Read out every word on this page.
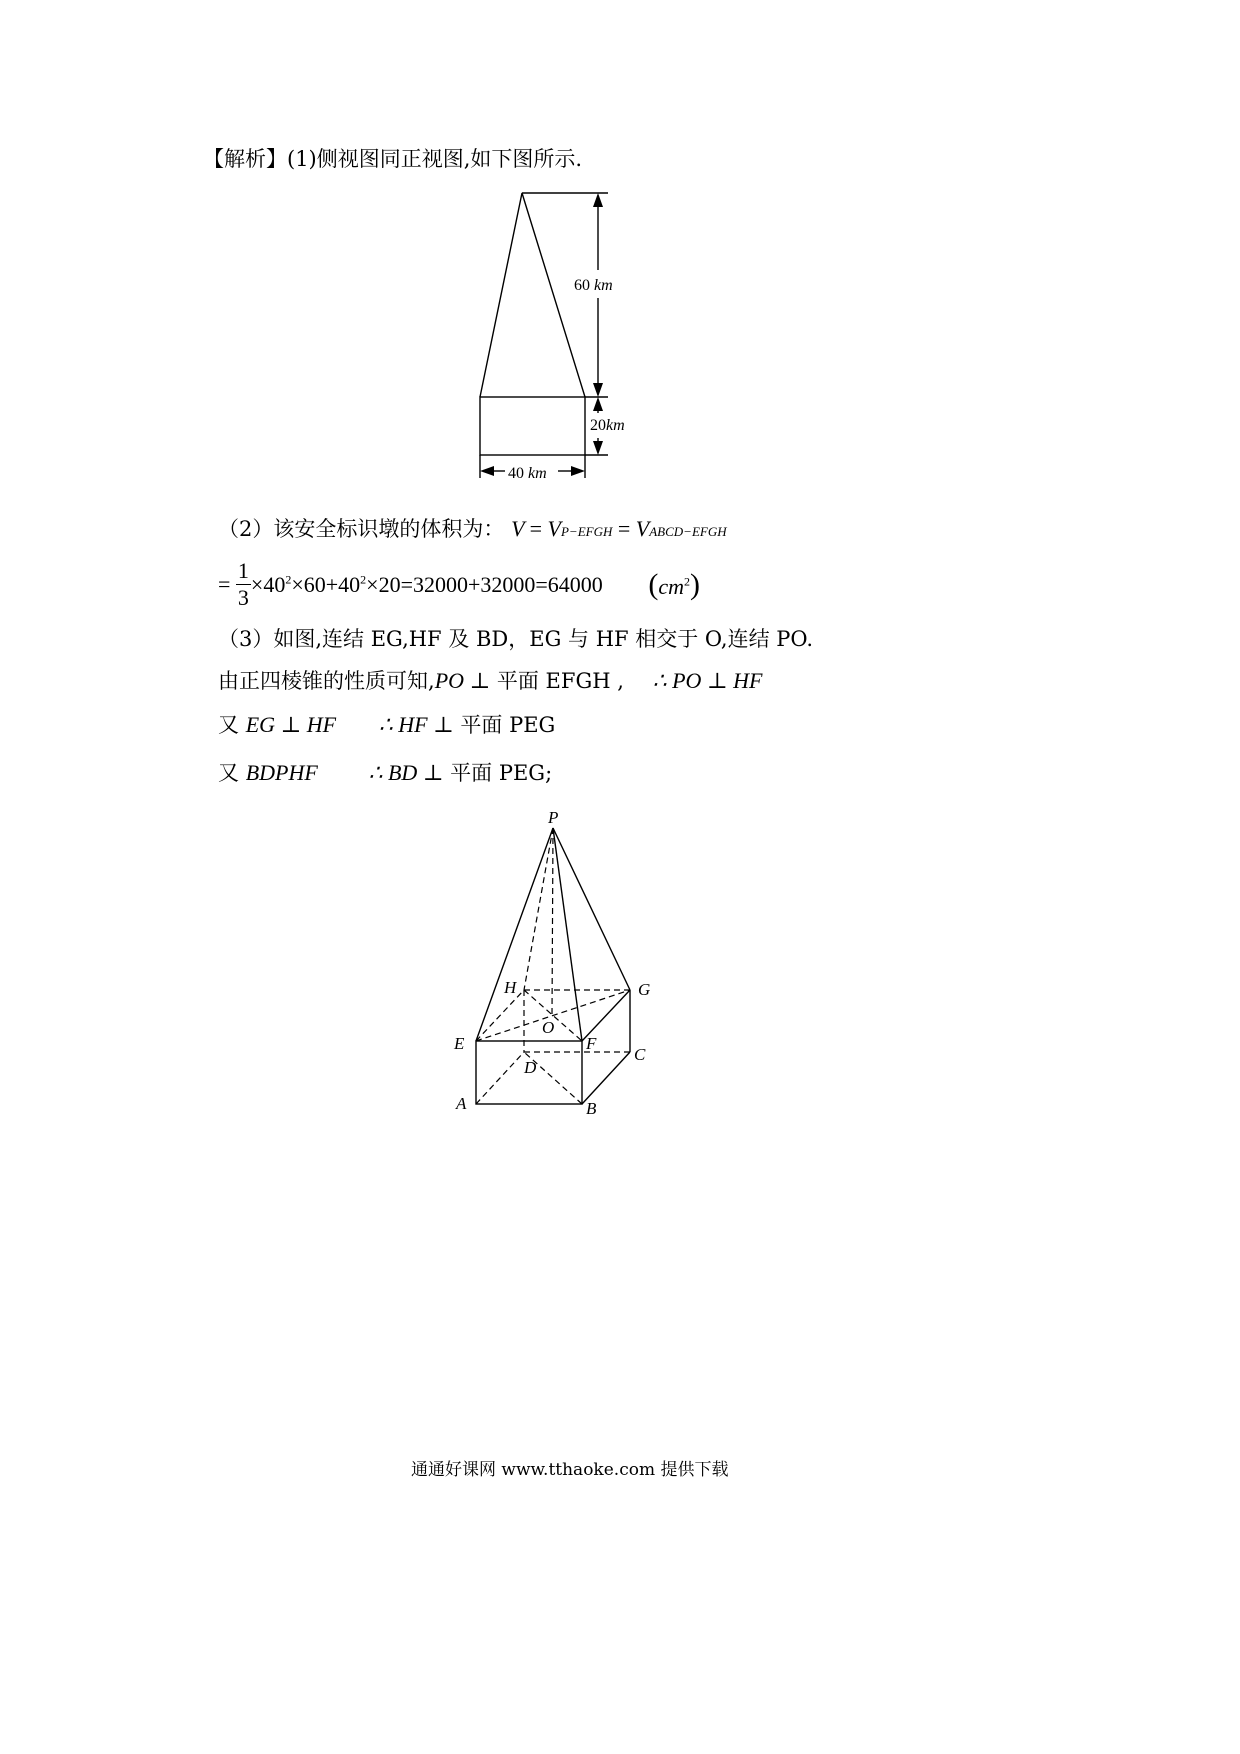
【解析】(1)侧视图同正视图,如下图所示.
60 km
20km
40 km
（2）该安全标识墩的体积为： V = VP−EFGH = VABCD−EFGH
= $\frac{1}{3} \times 40^2\times 60+40^2\times 20=32000+32000=64000$ $(cm^2)$
（3）如图,连结 EG,HF 及 BD，EG 与 HF 相交于 O,连结 PO.
由正四棱锥的性质可知,PO ⊥ 平面 EFGH , ∴ PO ⊥ HF
又 EG ⊥ HF ∴ HF ⊥ 平面 PEG
又 BDPHF ∴ BD ⊥ 平面 PEG;
P
H	G
E	F
C
O
D
A	B
通通好课网 www.tthaoke.com 提供下载
